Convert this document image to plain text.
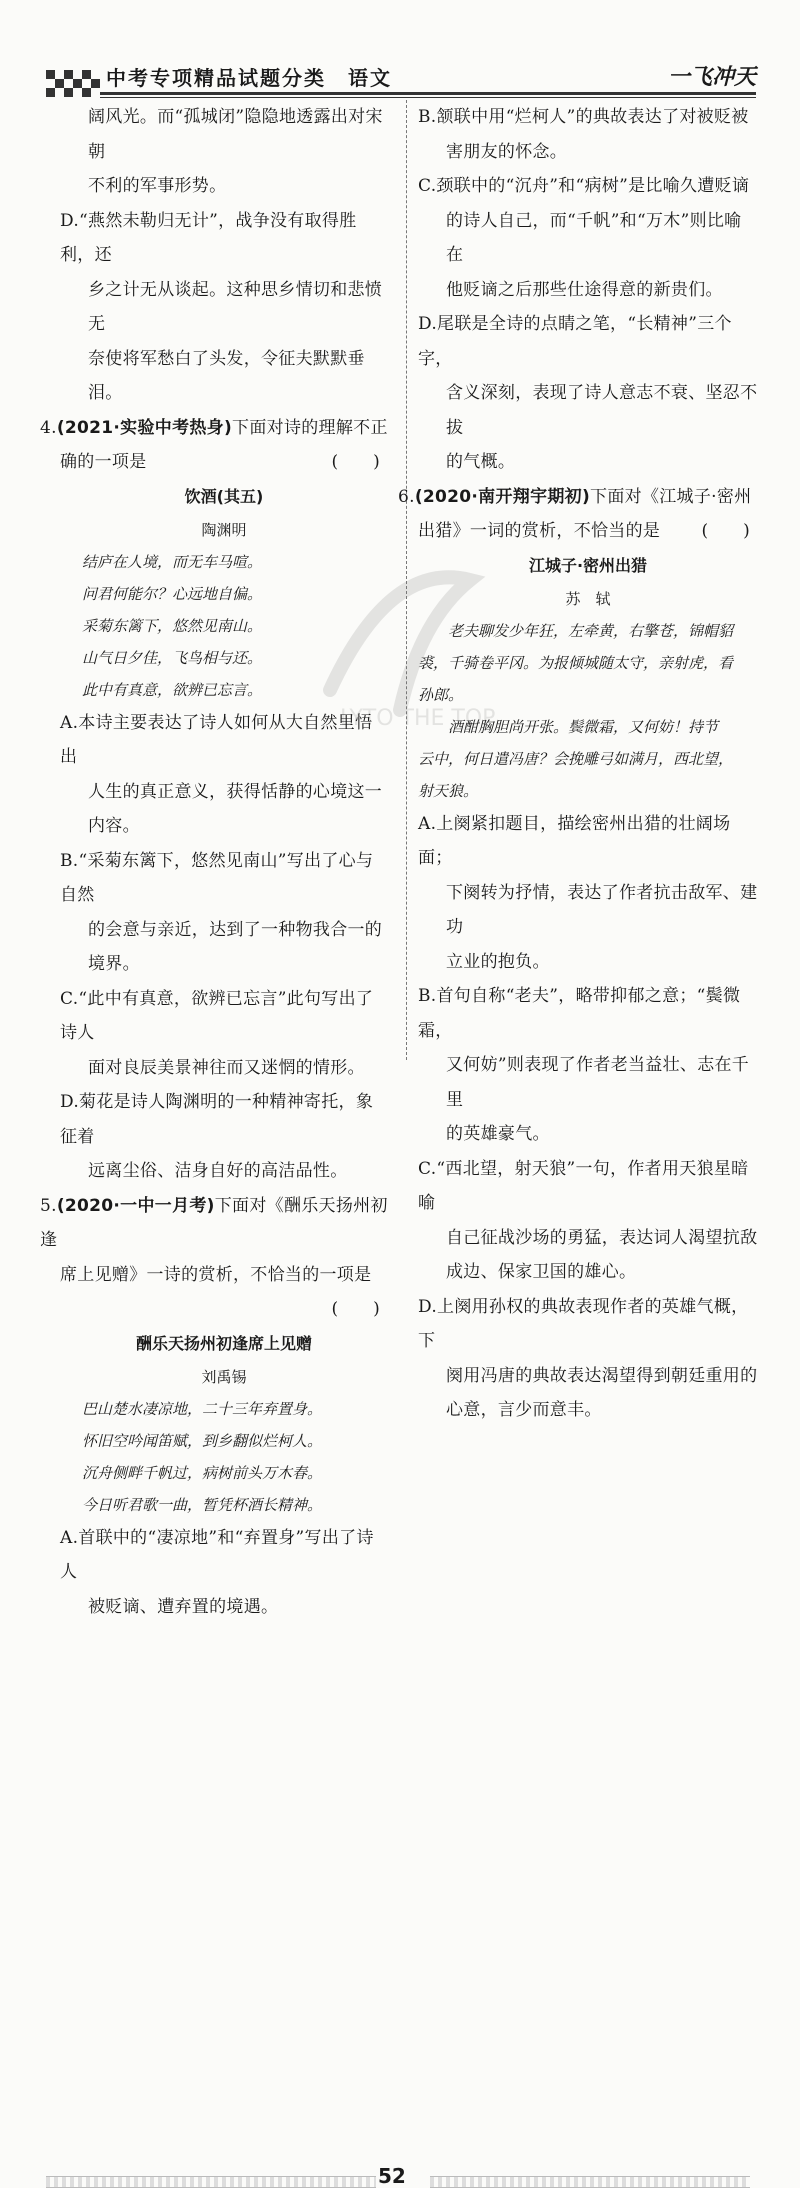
中考专项精品试题分类　语文	一飞冲天
LYTO THE TOP

阔风光。而“孤城闭”隐隐地透露出对宋朝

不利的军事形势。

D.“燕然未勒归无计”，战争没有取得胜利，还

乡之计无从谈起。这种思乡情切和悲愤无

奈使将军愁白了头发，令征夫默默垂泪。

4.(2021·实验中考热身)下面对诗的理解不正

确的一项是	(　　)

饮酒(其五)

陶渊明

结庐在人境，而无车马喧。

问君何能尔？心远地自偏。

采菊东篱下，悠然见南山。

山气日夕佳，飞鸟相与还。

此中有真意，欲辨已忘言。

A.本诗主要表达了诗人如何从大自然里悟出

人生的真正意义，获得恬静的心境这一

内容。

B.“采菊东篱下，悠然见南山”写出了心与自然

的会意与亲近，达到了一种物我合一的

境界。

C.“此中有真意，欲辨已忘言”此句写出了诗人

面对良辰美景神往而又迷惘的情形。

D.菊花是诗人陶渊明的一种精神寄托，象征着

远离尘俗、洁身自好的高洁品性。

5.(2020·一中一月考)下面对《酬乐天扬州初逢

席上见赠》一诗的赏析，不恰当的一项是

(　　)

酬乐天扬州初逢席上见赠

刘禹锡

巴山楚水凄凉地，二十三年弃置身。

怀旧空吟闻笛赋，到乡翻似烂柯人。

沉舟侧畔千帆过，病树前头万木春。

今日听君歌一曲，暂凭杯酒长精神。

A.首联中的“凄凉地”和“弃置身”写出了诗人

被贬谪、遭弃置的境遇。

B.颔联中用“烂柯人”的典故表达了对被贬被

害朋友的怀念。

C.颈联中的“沉舟”和“病树”是比喻久遭贬谪

的诗人自己，而“千帆”和“万木”则比喻在

他贬谪之后那些仕途得意的新贵们。

D.尾联是全诗的点睛之笔，“长精神”三个字，

含义深刻，表现了诗人意志不衰、坚忍不拔

的气概。

6.(2020·南开翔宇期初)下面对《江城子·密州

出猎》一词的赏析，不恰当的是 (　　)

江城子·密州出猎

苏　轼

老夫聊发少年狂，左牵黄，右擎苍，锦帽貂

裘，千骑卷平冈。为报倾城随太守，亲射虎，看

孙郎。

酒酣胸胆尚开张。鬓微霜，又何妨！持节

云中，何日遣冯唐？会挽雕弓如满月，西北望，

射天狼。

A.上阕紧扣题目，描绘密州出猎的壮阔场面；

下阕转为抒情，表达了作者抗击敌军、建功

立业的抱负。

B.首句自称“老夫”，略带抑郁之意；“鬓微霜，

又何妨”则表现了作者老当益壮、志在千里

的英雄豪气。

C.“西北望，射天狼”一句，作者用天狼星暗喻

自己征战沙场的勇猛，表达词人渴望抗敌

成边、保家卫国的雄心。

D.上阕用孙权的典故表现作者的英雄气概，下

阕用冯唐的典故表达渴望得到朝廷重用的

心意，言少而意丰。

52
